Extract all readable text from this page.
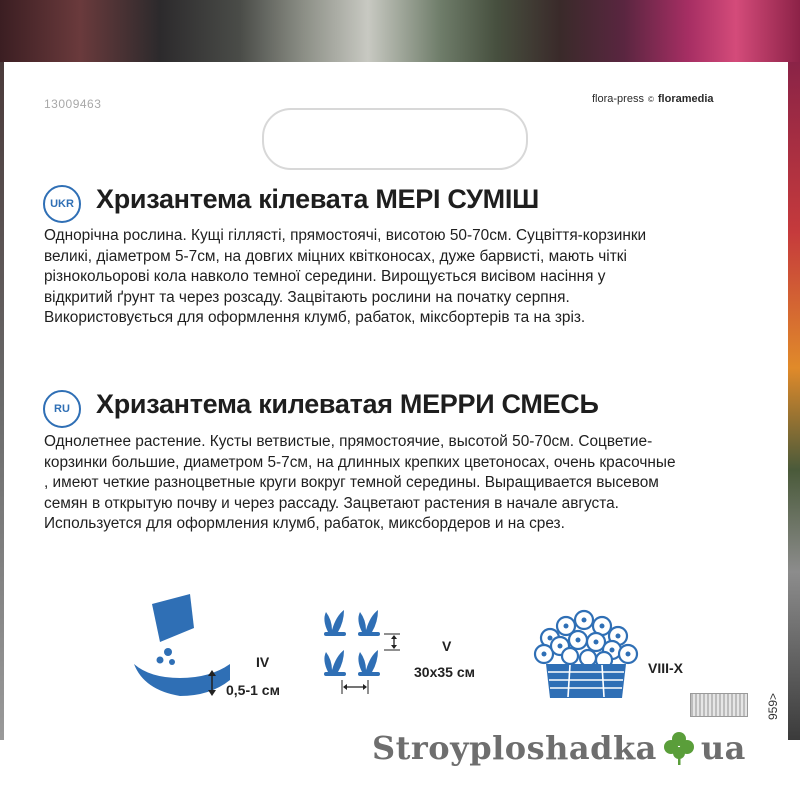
13009463	flora-press © floramedia
UKR Хризантема кілевата МЕРІ СУМІШ

Однорічна рослина. Кущі гіллясті, прямостоячі, висотою 50-70см. Суцвіття-корзинки

великі, діаметром 5-7см, на довгих міцних квітконосах, дуже барвисті, мають чіткі

різнокольорові кола навколо темної середини. Вирощується висівом насіння у

відкритий ґрунт та через розсаду. Зацвітають рослини на початку серпня.

Використовується для оформлення клумб, рабаток, міксбортерів та на зріз.

RU Хризантема килеватая МЕРРИ СМЕСЬ

Однолетнее растение. Кусты ветвистые, прямостоячие, высотой 50-70см. Соцветие-

корзинки большие, диаметром 5-7см, на длинных крепких цветоносах, очень красочные

, имеют четкие разноцветные круги вокруг темной середины. Выращивается высевом

семян в открытую почву и через рассаду. Зацветают растения в начале августа.

Используется для оформления клумб, рабаток, миксбордеров и на срез.

IV
0,5-1 см
V
30x35 см	VIII-X
959>
Stroyploshadka ua
